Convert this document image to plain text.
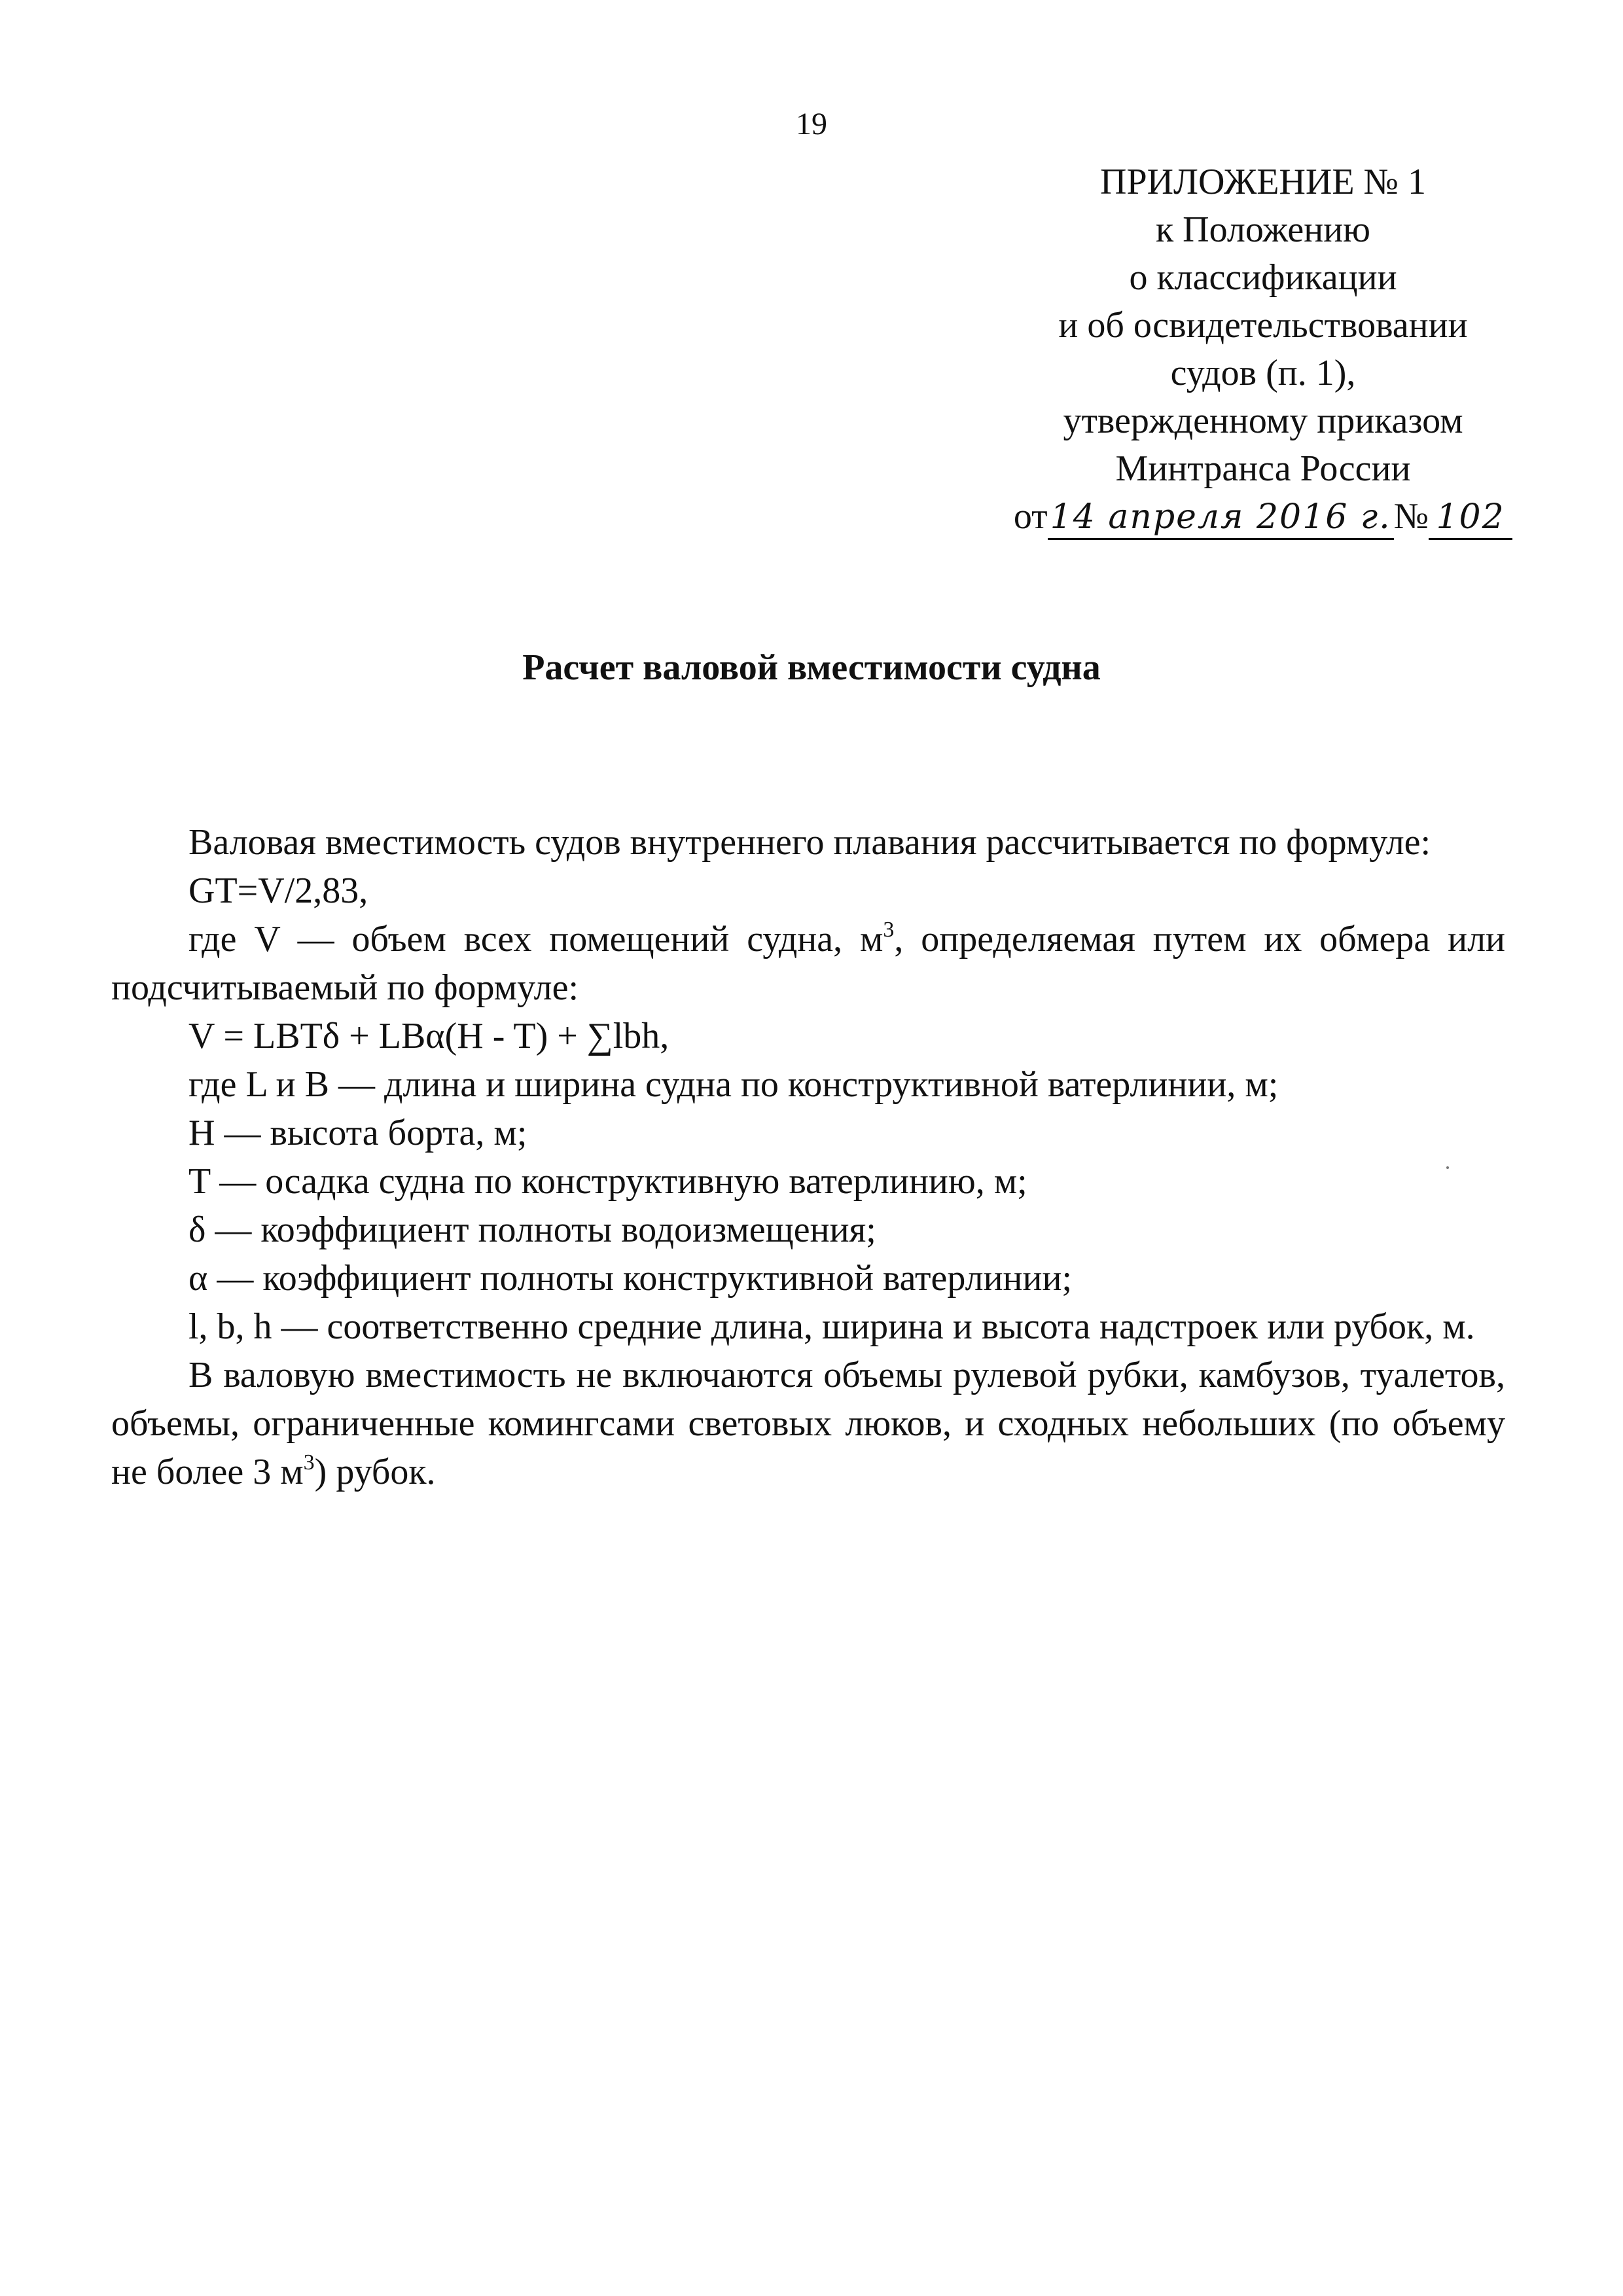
19
ПРИЛОЖЕНИЕ № 1
к Положению
о классификации
и об освидетельствовании
судов (п. 1),
утвержденному приказом
Минтранса России
от14 апреля 2016 г.№ 102
Расчет валовой вместимости судна

Валовая вместимость судов внутреннего плавания рассчитывается по формуле:

GT=V/2,83,

где V — объем всех помещений судна, $м^3$, определяемая путем их обмера или подсчитываемый по формуле:

V = LBTδ + LBα(H - T) + ∑lbh,

где L и B — длина и ширина судна по конструктивной ватерлинии, м;

H — высота борта, м;

T — осадка судна по конструктивную ватерлинию, м;

δ — коэффициент полноты водоизмещения;

α — коэффициент полноты конструктивной ватерлинии;

l, b, h — соответственно средние длина, ширина и высота надстроек или рубок, м.

В валовую вместимость не включаются объемы рулевой рубки, камбузов, туалетов, объемы, ограниченные комингсами световых люков, и сходных небольших (по объему не более 3 $м^3$) рубок.
